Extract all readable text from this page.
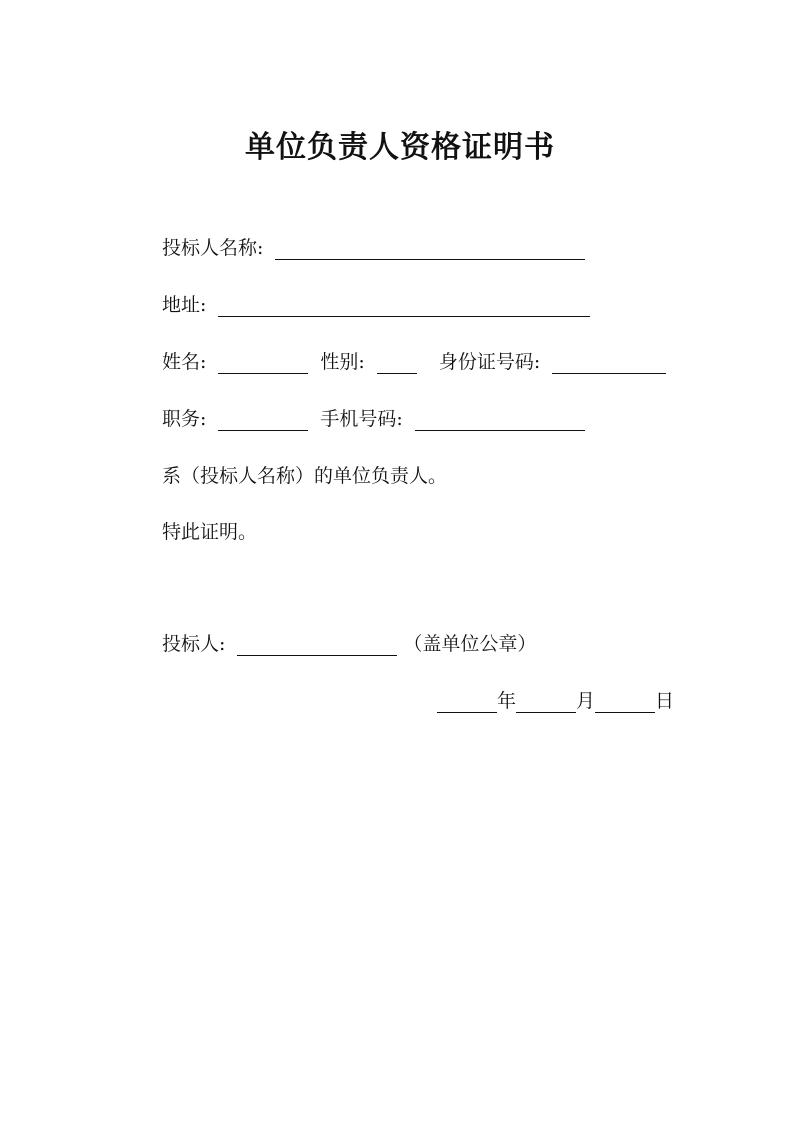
单位负责人资格证明书
投标人名称:
地址:
姓名:	性别:	身份证号码:
职务:	手机号码:
系（投标人名称）的单位负责人。
特此证明。
投标人:	（盖单位公章）
年	月	日
